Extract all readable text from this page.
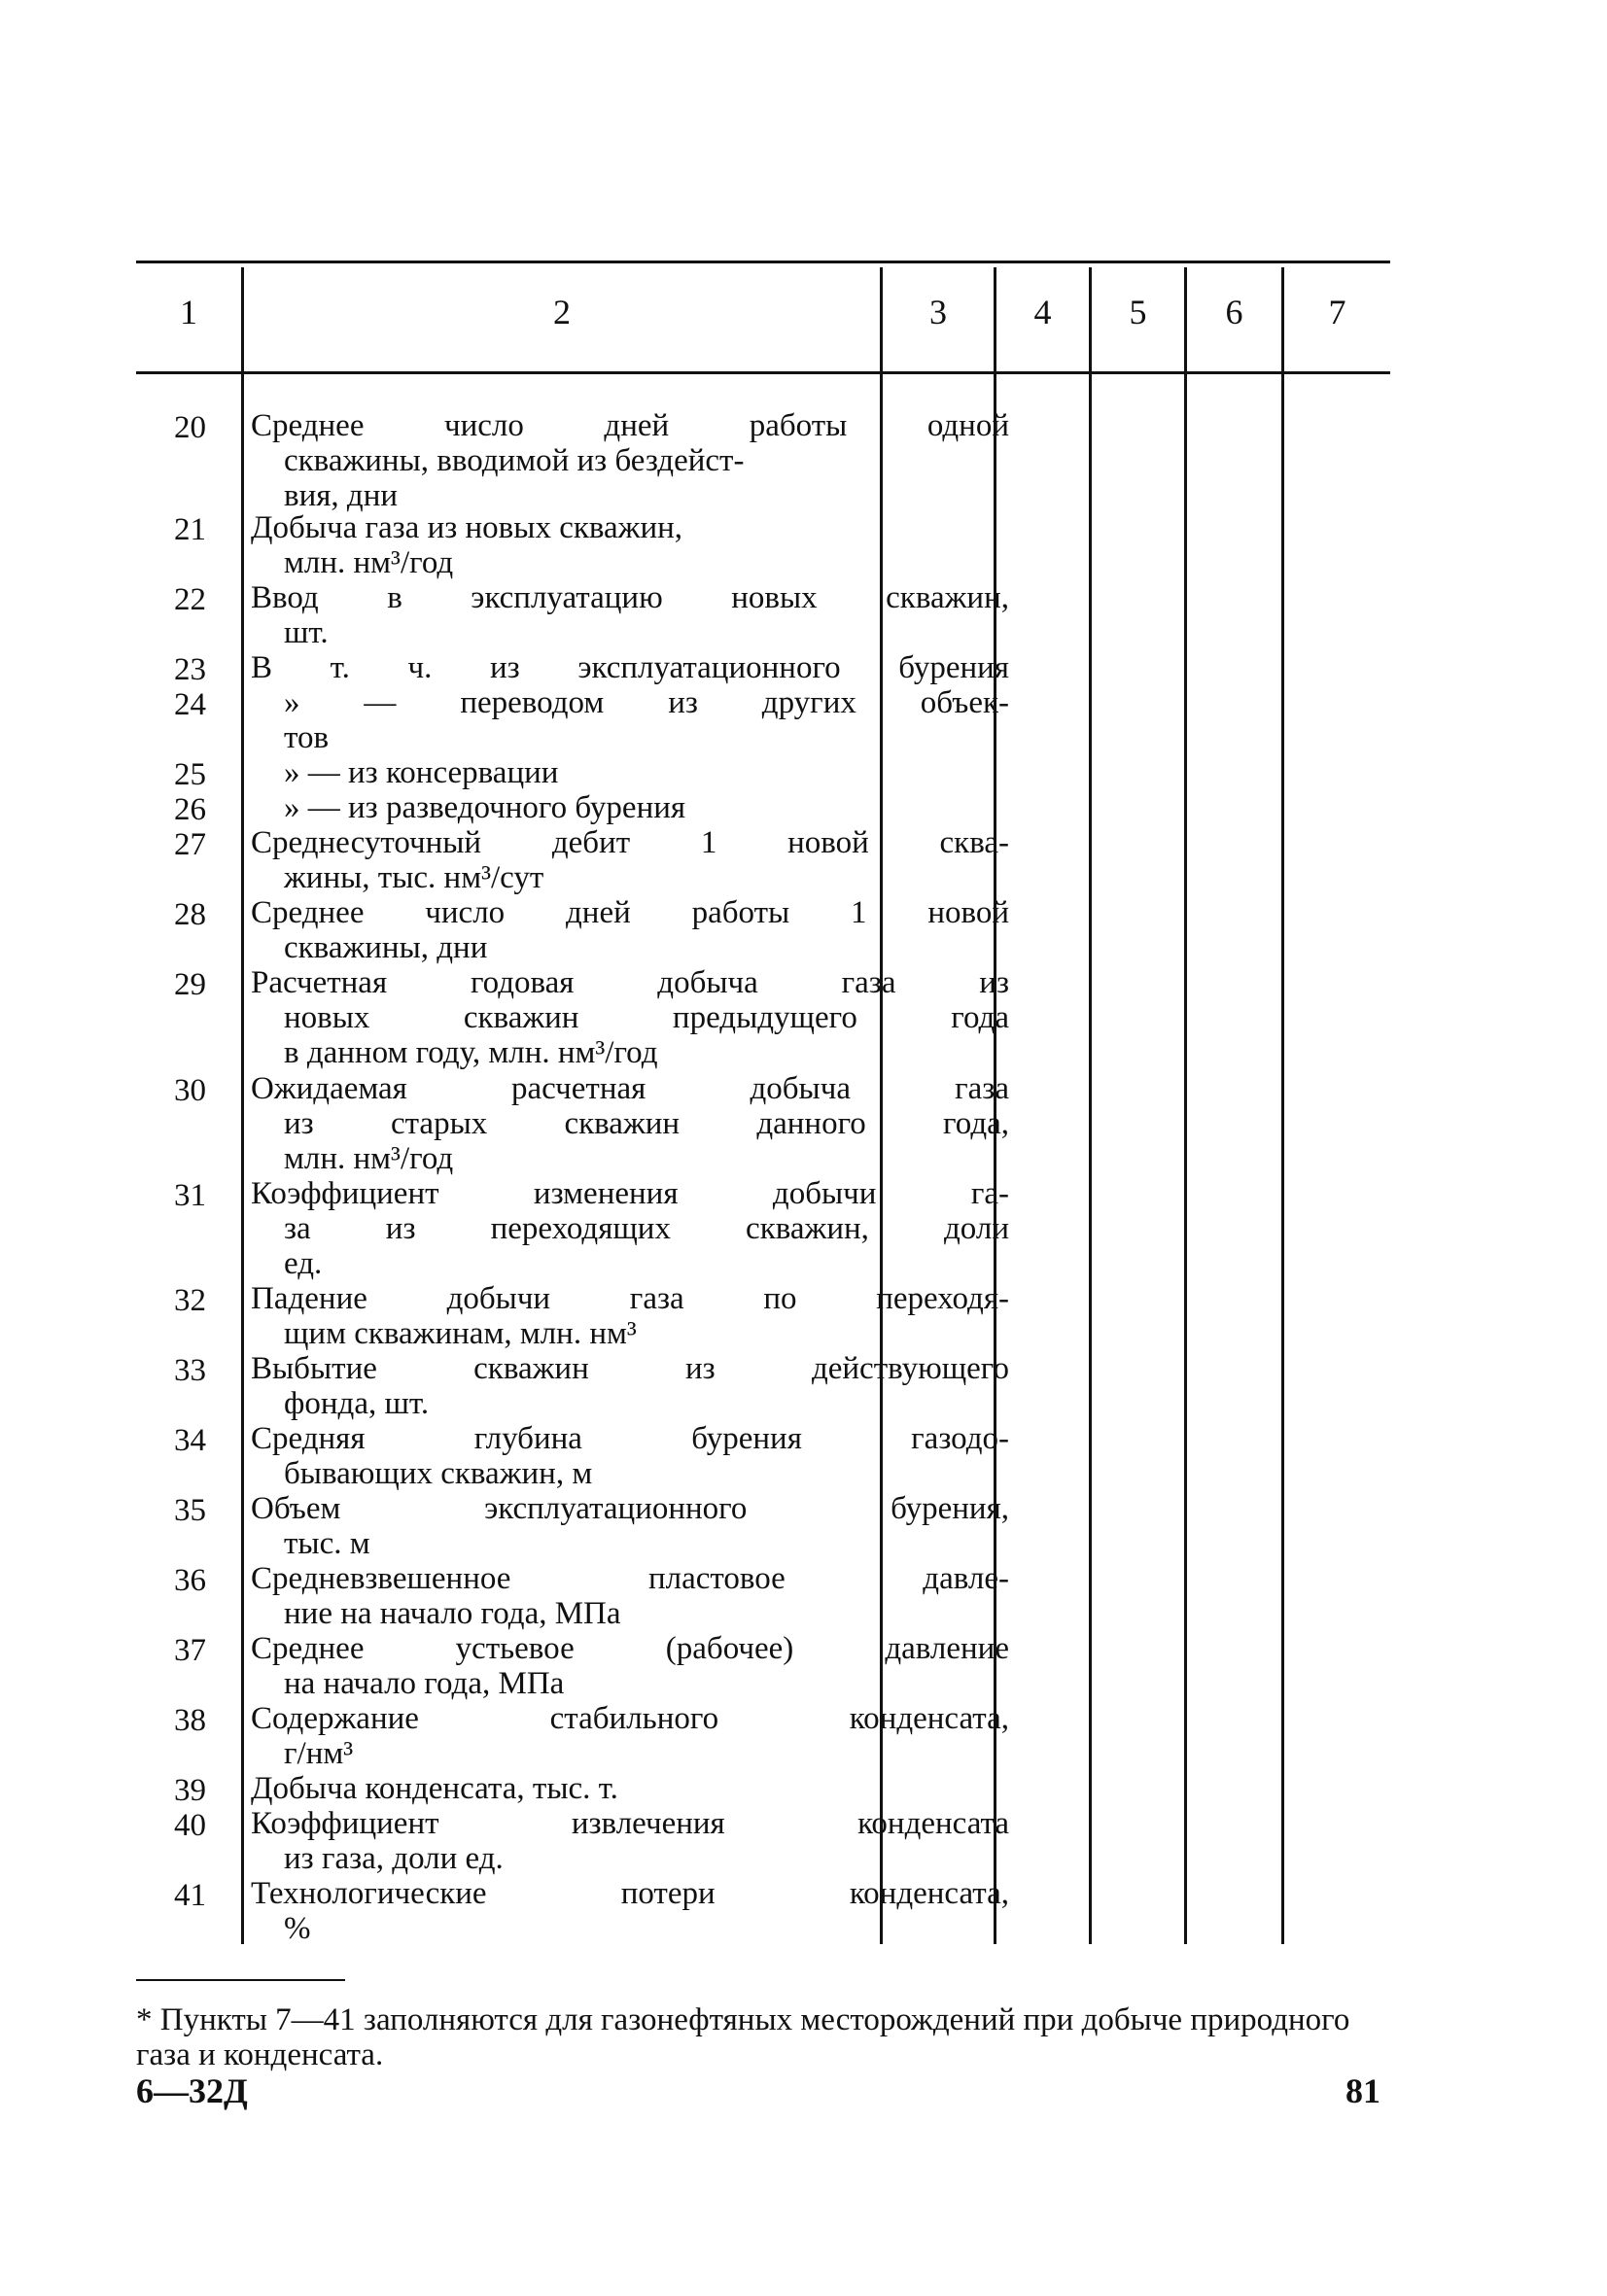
1	2	3	4	5	6	7
20 Среднее число дней работы одной
скважины, вводимой из бездейст-
вия, дни
21 Добыча газа из новых скважин,
млн. нм³/год
22 Ввод в эксплуатацию новых скважин,
шт.
23 В т. ч. из эксплуатационного бурения
24	» — переводом из других объек-
тов
25	» — из консервации
26	» — из разведочного бурения
27 Среднесуточный дебит 1 новой сква-
жины, тыс. нм³/сут
28 Среднее число дней работы 1 новой
скважины, дни
29 Расчетная годовая добыча газа из
новых скважин предыдущего года
в данном году, млн. нм³/год
30 Ожидаемая расчетная добыча газа
из старых скважин данного года,
млн. нм³/год
31 Коэффициент изменения добычи га-
за из переходящих скважин, доли
ед.
32 Падение добычи газа по переходя-
щим скважинам, млн. нм³
33 Выбытие скважин из действующего
фонда, шт.
34 Средняя глубина бурения газодо-
бывающих скважин, м
35 Объем эксплуатационного бурения,
тыс. м
36 Средневзвешенное пластовое давле-
ние на начало года, МПа
37 Среднее устьевое (рабочее) давление
на начало года, МПа
38 Содержание стабильного конденсата,
г/нм³
39 Добыча конденсата, тыс. т.
40 Коэффициент извлечения конденсата
из газа, доли ед.
41 Технологические потери конденсата,
%
* Пункты 7—41 заполняются для газонефтяных месторождений при добыче природного газа и конденсата.
6—32Д	81
